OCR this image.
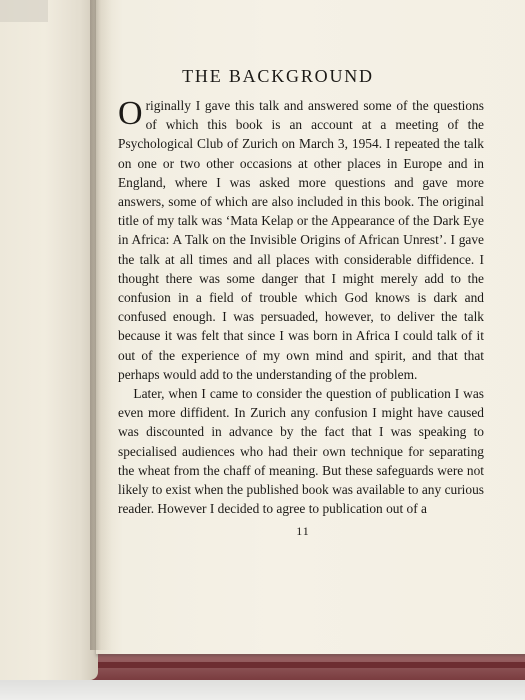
THE BACKGROUND

Originally I gave this talk and answered some of the questions of which this book is an account at a meeting of the Psychological Club of Zurich on March 3, 1954. I repeated the talk on one or two other occasions at other places in Europe and in England, where I was asked more questions and gave more answers, some of which are also included in this book. The original title of my talk was ‘Mata Kelap or the Appearance of the Dark Eye in Africa: A Talk on the Invisible Origins of African Unrest’. I gave the talk at all times and all places with considerable diffidence. I thought there was some danger that I might merely add to the confusion in a field of trouble which God knows is dark and confused enough. I was persuaded, however, to deliver the talk because it was felt that since I was born in Africa I could talk of it out of the experience of my own mind and spirit, and that that perhaps would add to the understanding of the problem.

Later, when I came to consider the question of publication I was even more diffident. In Zurich any confusion I might have caused was discounted in advance by the fact that I was speaking to specialised audiences who had their own technique for separating the wheat from the chaff of meaning. But these safeguards were not likely to exist when the published book was available to any curious reader. However I decided to agree to publication out of a

11
